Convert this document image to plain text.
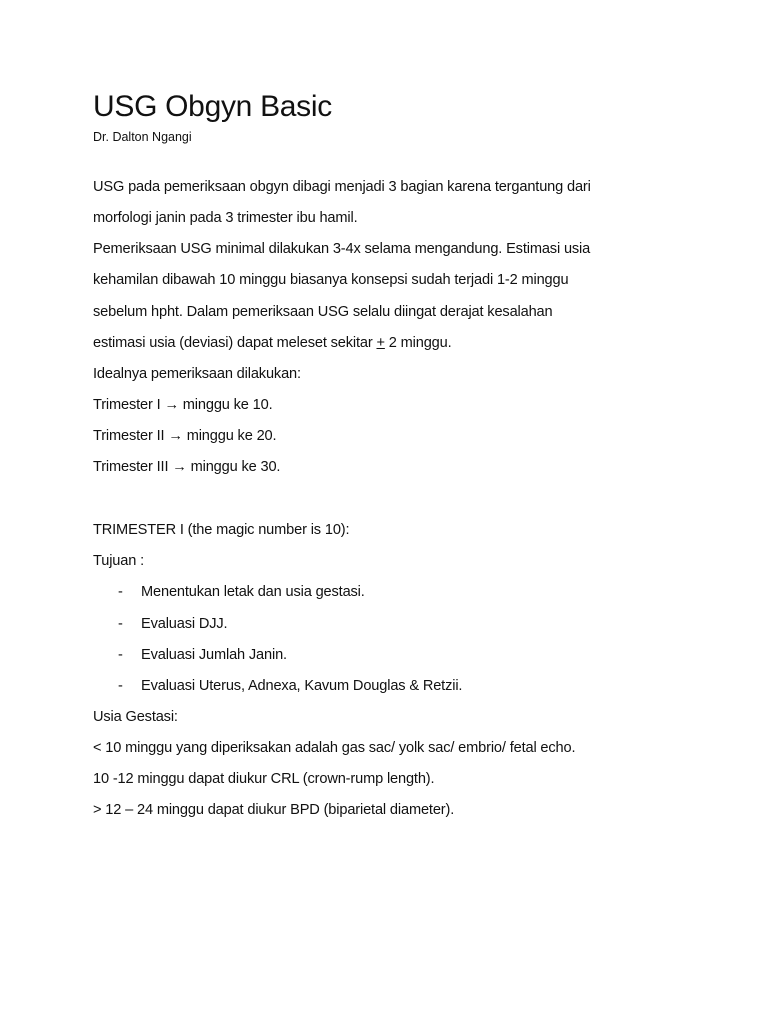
USG Obgyn Basic
Dr. Dalton Ngangi
USG pada pemeriksaan obgyn dibagi menjadi 3 bagian karena tergantung dari
morfologi janin pada 3 trimester ibu hamil.
Pemeriksaan USG minimal dilakukan 3-4x selama mengandung. Estimasi usia
kehamilan dibawah 10 minggu biasanya konsepsi sudah terjadi 1-2 minggu
sebelum hpht. Dalam pemeriksaan USG selalu diingat derajat kesalahan
estimasi usia (deviasi) dapat meleset sekitar + 2 minggu.
Idealnya pemeriksaan dilakukan:
Trimester I → minggu ke 10.
Trimester II → minggu ke 20.
Trimester III → minggu ke 30.
TRIMESTER I (the magic number is 10):
Tujuan :
- Menentukan letak dan usia gestasi.
- Evaluasi DJJ.
- Evaluasi Jumlah Janin.
- Evaluasi Uterus, Adnexa, Kavum Douglas & Retzii.
Usia Gestasi:
< 10 minggu yang diperiksakan adalah gas sac/ yolk sac/ embrio/ fetal echo.
10 -12 minggu dapat diukur CRL (crown-rump length).
> 12 – 24 minggu dapat diukur BPD (biparietal diameter).
